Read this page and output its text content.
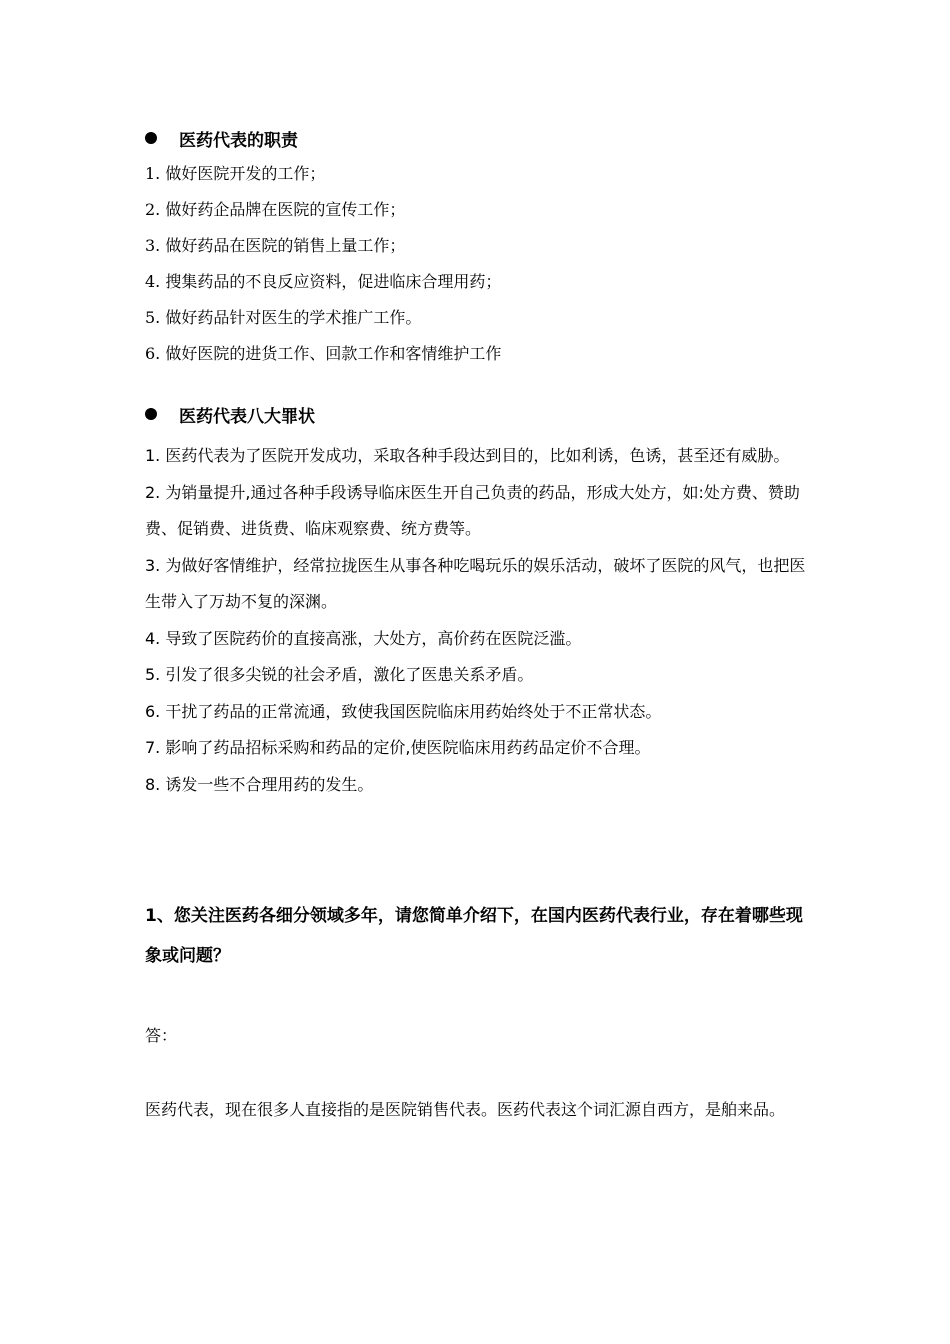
医药代表的职责
1. 做好医院开发的工作；
2. 做好药企品牌在医院的宣传工作；
3. 做好药品在医院的销售上量工作；
4. 搜集药品的不良反应资料，促进临床合理用药；
5. 做好药品针对医生的学术推广工作。
6. 做好医院的进货工作、回款工作和客情维护工作
医药代表八大罪状
1. 医药代表为了医院开发成功，采取各种手段达到目的，比如利诱，色诱，甚至还有威胁。
2. 为销量提升,通过各种手段诱导临床医生开自己负责的药品，形成大处方，如:处方费、赞助费、促销费、进货费、临床观察费、统方费等。
3. 为做好客情维护，经常拉拢医生从事各种吃喝玩乐的娱乐活动，破坏了医院的风气，也把医生带入了万劫不复的深渊。
4. 导致了医院药价的直接高涨，大处方，高价药在医院泛滥。
5. 引发了很多尖锐的社会矛盾，激化了医患关系矛盾。
6. 干扰了药品的正常流通，致使我国医院临床用药始终处于不正常状态。
7. 影响了药品招标采购和药品的定价,使医院临床用药药品定价不合理。
8. 诱发一些不合理用药的发生。
1、您关注医药各细分领域多年，请您简单介绍下，在国内医药代表行业，存在着哪些现象或问题？
答：
医药代表，现在很多人直接指的是医院销售代表。医药代表这个词汇源自西方，是舶来品。
